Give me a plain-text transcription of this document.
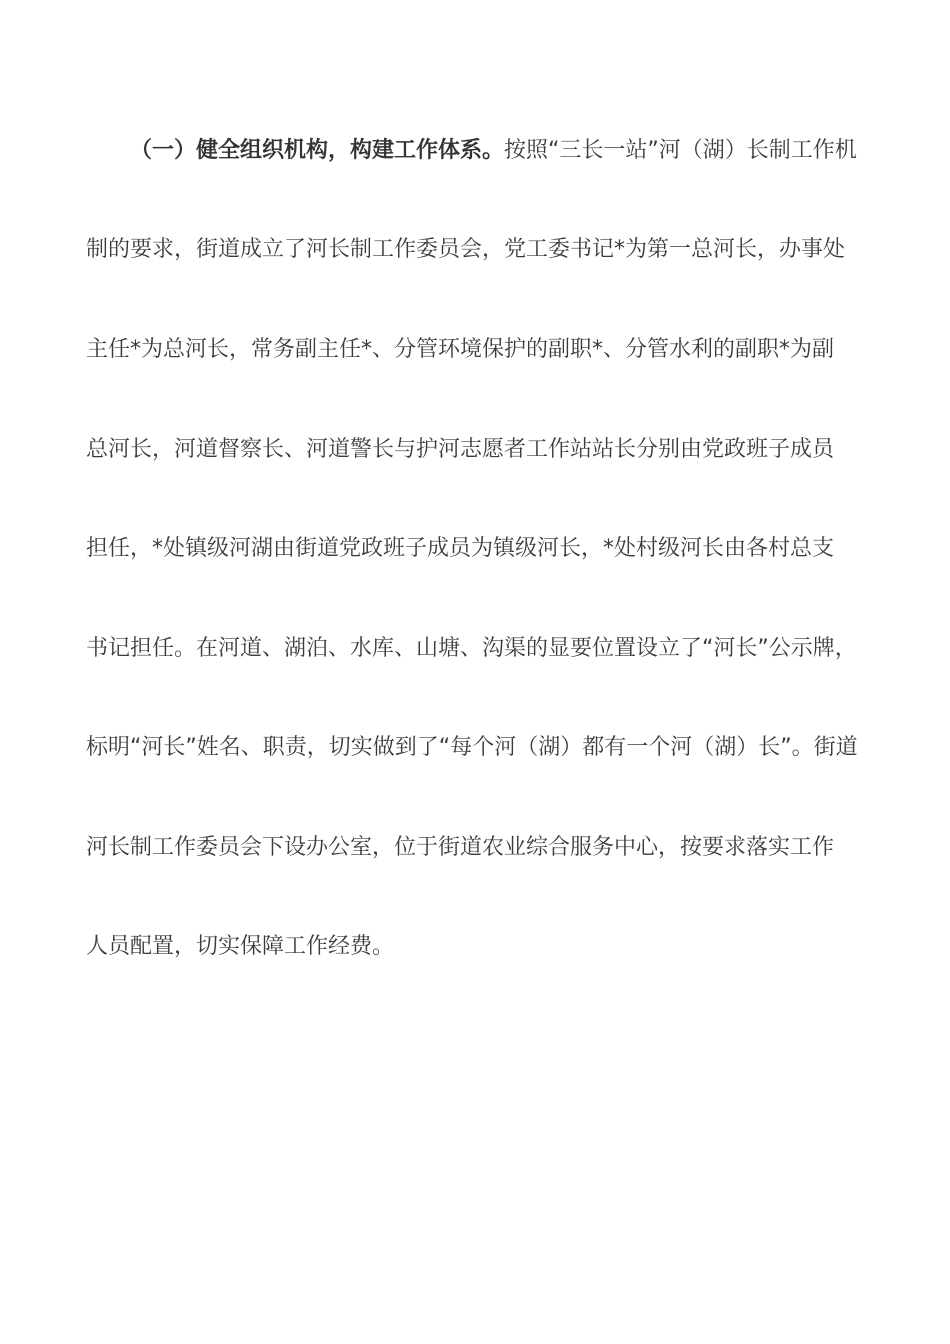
（一）健全组织机构，构建工作体系。按照“三长一站”河（湖）长制工作机
制的要求，街道成立了河长制工作委员会，党工委书记*为第一总河长，办事处
主任*为总河长，常务副主任*、分管环境保护的副职*、分管水利的副职*为副
总河长，河道督察长、河道警长与护河志愿者工作站站长分别由党政班子成员
担任，*处镇级河湖由街道党政班子成员为镇级河长，*处村级河长由各村总支
书记担任。在河道、湖泊、水库、山塘、沟渠的显要位置设立了“河长”公示牌，
标明“河长”姓名、职责，切实做到了“每个河（湖）都有一个河（湖）长”。街道
河长制工作委员会下设办公室，位于街道农业综合服务中心，按要求落实工作
人员配置，切实保障工作经费。
